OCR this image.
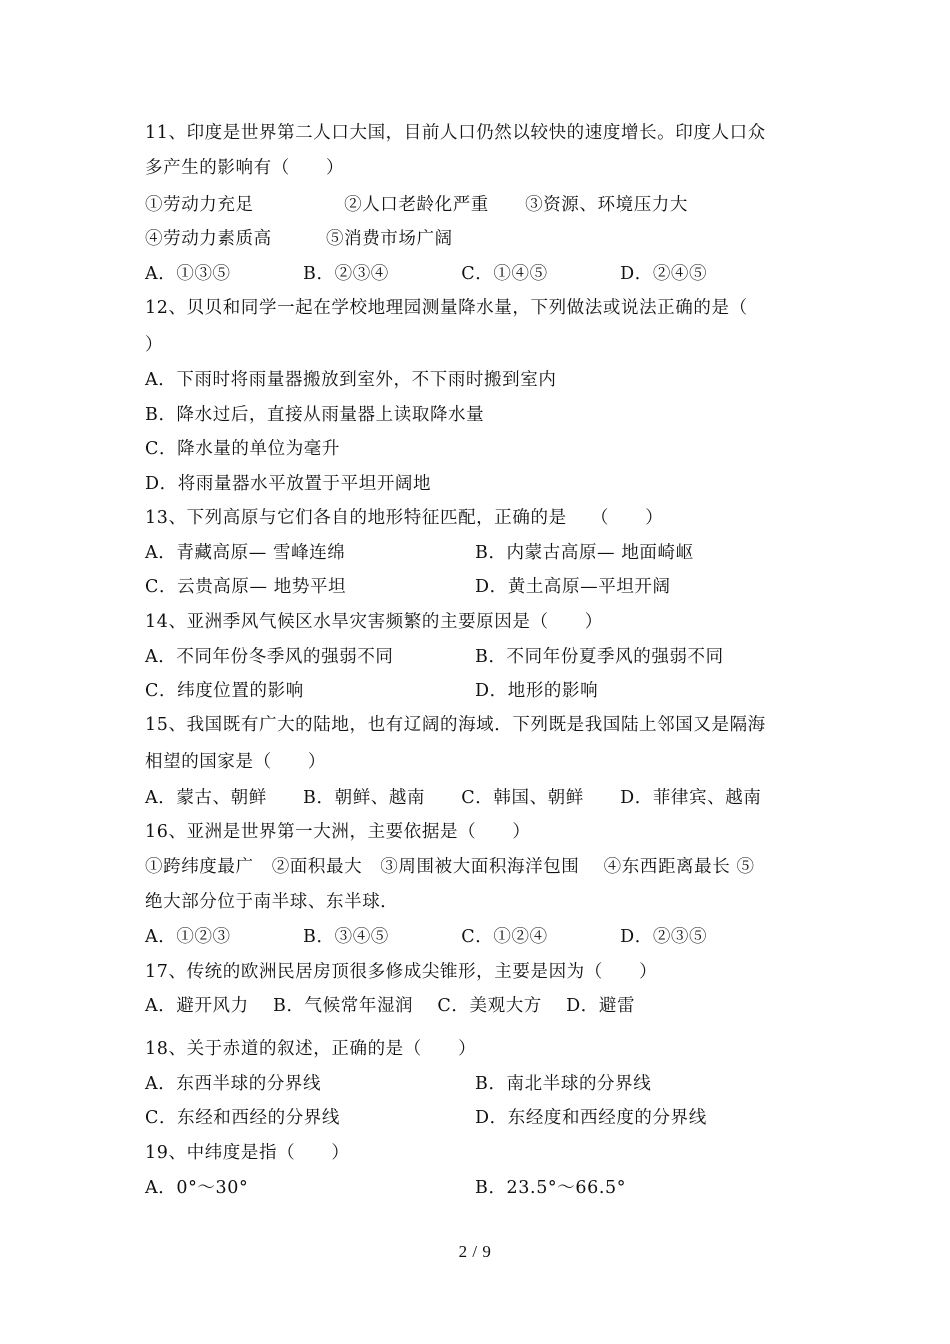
11、印度是世界第二人口大国，目前人口仍然以较快的速度增长。印度人口众
多产生的影响有（　　）
①劳动力充足　　　　　②人口老龄化严重　　③资源、环境压力大
④劳动力素质高　　　⑤消费市场广阔
A．①③⑤　　　　B．②③④　　　　C．①④⑤　　　　D．②④⑤
12、贝贝和同学一起在学校地理园测量降水量，下列做法或说法正确的是（
）
A．下雨时将雨量器搬放到室外，不下雨时搬到室内
B．降水过后，直接从雨量器上读取降水量
C．降水量的单位为毫升
D．将雨量器水平放置于平坦开阔地
13、下列高原与它们各自的地形特征匹配，正确的是　 （　　）
A．青藏高原— 雪峰连绵	B．内蒙古高原— 地面崎岖
C．云贵高原— 地势平坦	D．黄土高原—平坦开阔
14、亚洲季风气候区水旱灾害频繁的主要原因是（　　）
A．不同年份冬季风的强弱不同	B．不同年份夏季风的强弱不同
C．纬度位置的影响	D．地形的影响
15、我国既有广大的陆地，也有辽阔的海域．下列既是我国陆上邻国又是隔海
相望的国家是（　　）
A．蒙古、朝鲜　　B．朝鲜、越南　　C．韩国、朝鲜　　D．菲律宾、越南
16、亚洲是世界第一大洲，主要依据是（　　）
①跨纬度最广　②面积最大　③周围被大面积海洋包围　 ④东西距离最长 ⑤
绝大部分位于南半球、东半球．
A．①②③　　　　B．③④⑤　　　　C．①②④　　　　D．②③⑤
17、传统的欧洲民居房顶很多修成尖锥形，主要是因为（　　）
A．避开风力　 B．气候常年湿润　 C．美观大方　 D．避雷
18、关于赤道的叙述，正确的是（　　）
A．东西半球的分界线	B．南北半球的分界线
C．东经和西经的分界线	D．东经度和西经度的分界线
19、中纬度是指（　　）
A．0°～30°	B．23.5°～66.5°
2 / 9
